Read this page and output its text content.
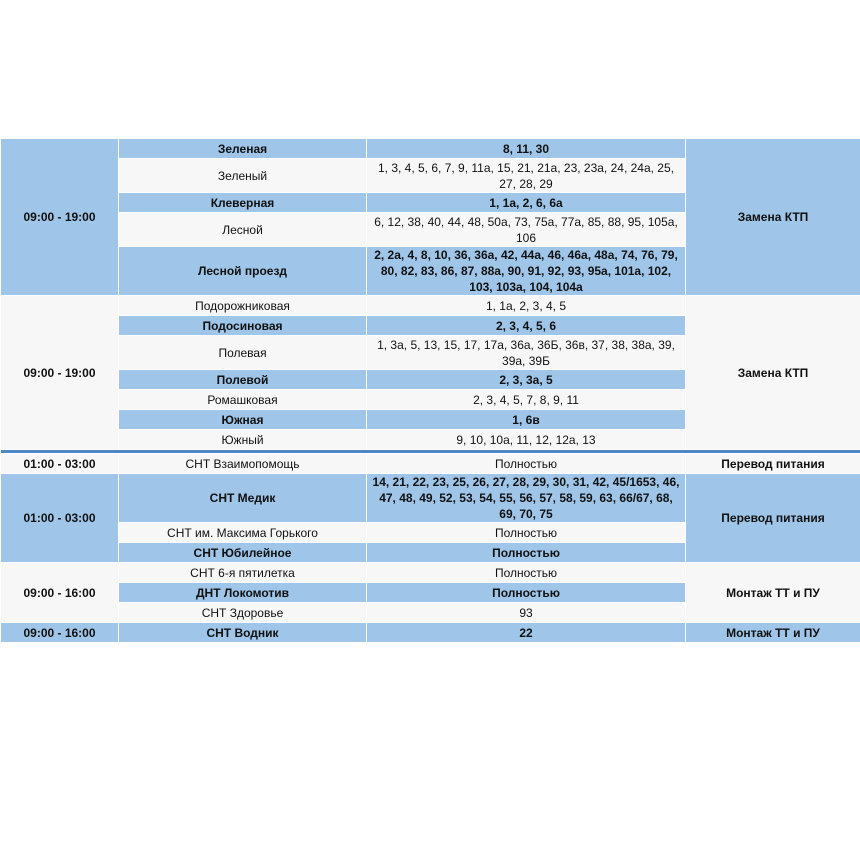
09:00 - 19:00	Зеленая	8, 11, 30	Замена КТП
	Зеленый	1, 3, 4, 5, 6, 7, 9, 11а, 15, 21, 21а, 23, 23а, 24, 24а, 25, 27, 28, 29	
	Клеверная	1, 1а, 2, 6, 6а	
	Лесной	6, 12, 38, 40, 44, 48, 50а, 73, 75а, 77а, 85, 88, 95, 105а, 106	
	Лесной проезд	2, 2а, 4, 8, 10, 36, 36а, 42, 44а, 46, 46а, 48а, 74, 76, 79, 80, 82, 83, 86, 87, 88а, 90, 91, 92, 93, 95а, 101а, 102, 103, 103а, 104, 104а	
09:00 - 19:00	Подорожниковая	1, 1а, 2, 3, 4, 5	Замена КТП
	Подосиновая	2, 3, 4, 5, 6	
	Полевая	1, 3а, 5, 13, 15, 17, 17а, 36а, 36Б, 36в, 37, 38, 38а, 39, 39а, 39Б	
	Полевой	2, 3, 3а, 5	
	Ромашковая	2, 3, 4, 5, 7, 8, 9, 11	
	Южная	1, 6в	
	Южный	9, 10, 10а, 11, 12, 12а, 13	

01:00 - 03:00	СНТ Взаимопомощь	Полностью	Перевод питания
01:00 - 03:00	СНТ Медик	14, 21, 22, 23, 25, 26, 27, 28, 29, 30, 31, 42, 45/1653, 46, 47, 48, 49, 52, 53, 54, 55, 56, 57, 58, 59, 63, 66/67, 68, 69, 70, 75	Перевод питания
	СНТ им. Максима Горького	Полностью	
	СНТ Юбилейное	Полностью	
09:00 - 16:00	СНТ 6-я пятилетка	Полностью	Монтаж ТТ и ПУ
	ДНТ Локомотив	Полностью	
	СНТ Здоровье	93	
09:00 - 16:00	СНТ Водник	22	Монтаж ТТ и ПУ
